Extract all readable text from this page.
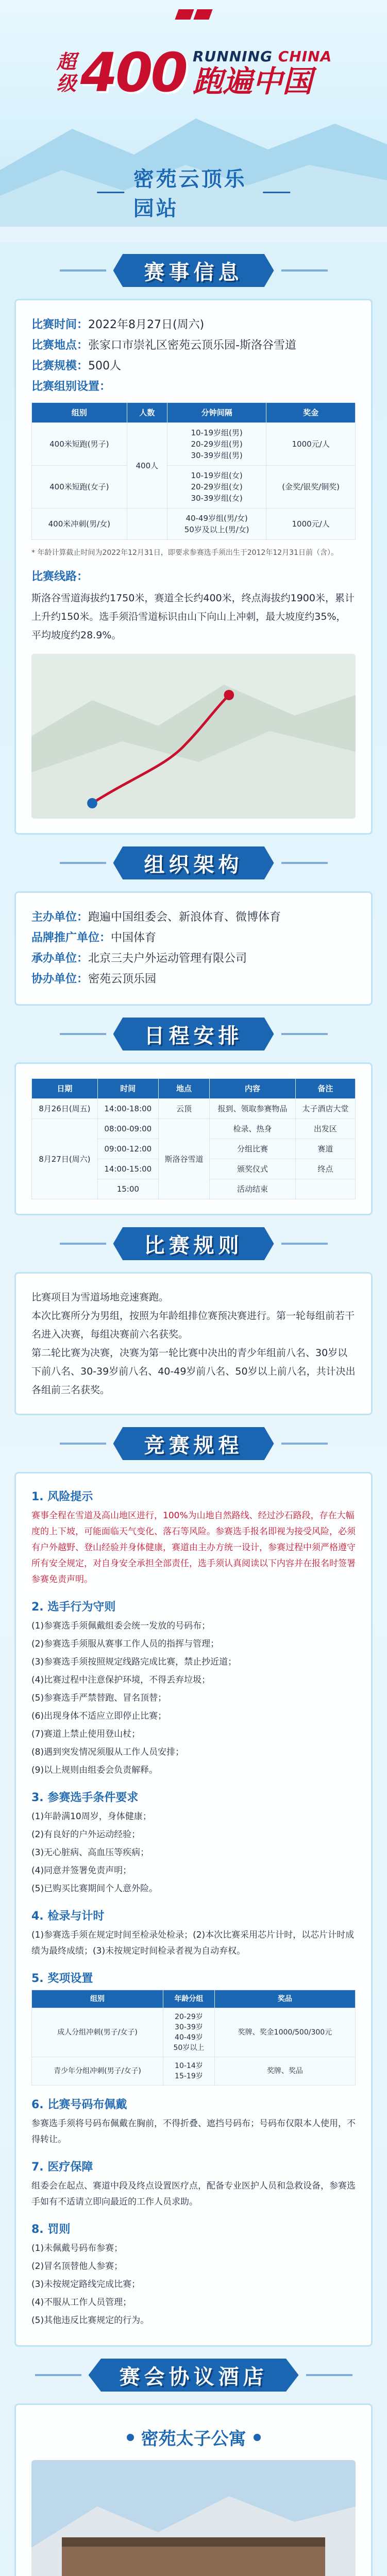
超
级 400 RUNNING CHINA
跑遍中国
密苑云顶乐园站
赛事信息
比赛时间：2022年8月27日(周六)
比赛地点：张家口市崇礼区密苑云顶乐园-斯洛谷雪道
比赛规模：500人
比赛组别设置：
组别	人数	分钟间隔	奖金
400米短跑(男子)	400人	10-19岁组(男)
20-29岁组(男)
30-39岁组(男)	1000元/人
400米短跑(女子)		10-19岁组(女)
20-29岁组(女)
30-39岁组(女)	(金奖/银奖/铜奖)
400米冲刺(男/女)		40-49岁组(男/女)
50岁及以上(男/女)	1000元/人
* 年龄计算截止时间为2022年12月31日，即要求参赛选手须出生于2012年12月31日前（含）。
比赛线路：
斯洛谷雪道海拔约1750米，赛道全长约400米，终点海拔约1900米，累计上升约150米。选手须沿雪道标识由山下向山上冲刺，最大坡度约35%，平均坡度约28.9%。
组织架构
主办单位：跑遍中国组委会、新浪体育、微博体育
品牌推广单位：中国体育
承办单位：北京三夫户外运动管理有限公司
协办单位：密苑云顶乐园
日程安排
日期	时间	地点	内容	备注
8月26日(周五)	14:00-18:00	云顶	报到、领取参赛物品	太子酒店大堂
8月27日(周六)	08:00-09:00	斯洛谷雪道	检录、热身	出发区
	09:00-12:00		分组比赛	赛道
	14:00-15:00		颁奖仪式	终点
	15:00		活动结束	
比赛规则

比赛项目为雪道场地竞速赛跑。

本次比赛所分为男组，按照为年龄组排位赛预决赛进行。第一轮每组前若干名进入决赛，每组决赛前六名获奖。

第二轮比赛为决赛，决赛为第一轮比赛中决出的青少年组前八名、30岁以下前八名、30-39岁前八名、40-49岁前八名、50岁以上前八名，共计决出各组前三名获奖。

竞赛规程
1. 风险提示
赛事全程在雪道及高山地区进行，100%为山地自然路线、经过沙石路段，存在大幅度的上下坡，可能面临天气变化、落石等风险。参赛选手报名即视为接受风险，必须有户外越野、登山经验并身体健康，赛道由主办方统一设计，参赛过程中须严格遵守所有安全规定，对自身安全承担全部责任，选手须认真阅读以下内容并在报名时签署参赛免责声明。
2. 选手行为守则
(1)参赛选手须佩戴组委会统一发放的号码布；
(2)参赛选手须服从赛事工作人员的指挥与管理；
(3)参赛选手须按照规定线路完成比赛，禁止抄近道；
(4)比赛过程中注意保护环境，不得丢弃垃圾；
(5)参赛选手严禁替跑、冒名顶替；
(6)出现身体不适应立即停止比赛；
(7)赛道上禁止使用登山杖；
(8)遇到突发情况须服从工作人员安排；
(9)以上规则由组委会负责解释。
3. 参赛选手条件要求
(1)年龄满10周岁，身体健康；
(2)有良好的户外运动经验；
(3)无心脏病、高血压等疾病；
(4)同意并签署免责声明；
(5)已购买比赛期间个人意外险。
4. 检录与计时
(1)参赛选手须在规定时间至检录处检录；(2)本次比赛采用芯片计时，以芯片计时成绩为最终成绩；(3)未按规定时间检录者视为自动弃权。
5. 奖项设置
组别	年龄分组	奖品
成人分组冲刺(男子/女子)	20-29岁
30-39岁
40-49岁
50岁以上	奖牌、奖金1000/500/300元
青少年分组冲刺(男子/女子)	10-14岁
15-19岁	奖牌、奖品
6. 比赛号码布佩戴
参赛选手须将号码布佩戴在胸前，不得折叠、遮挡号码布；号码布仅限本人使用，不得转让。
7. 医疗保障
组委会在起点、赛道中段及终点设置医疗点，配备专业医护人员和急救设备，参赛选手如有不适请立即向最近的工作人员求助。
8. 罚则
(1)未佩戴号码布参赛；
(2)冒名顶替他人参赛；
(3)未按规定路线完成比赛；
(4)不服从工作人员管理；
(5)其他违反比赛规定的行为。
赛会协议酒店
密苑太子公寓
